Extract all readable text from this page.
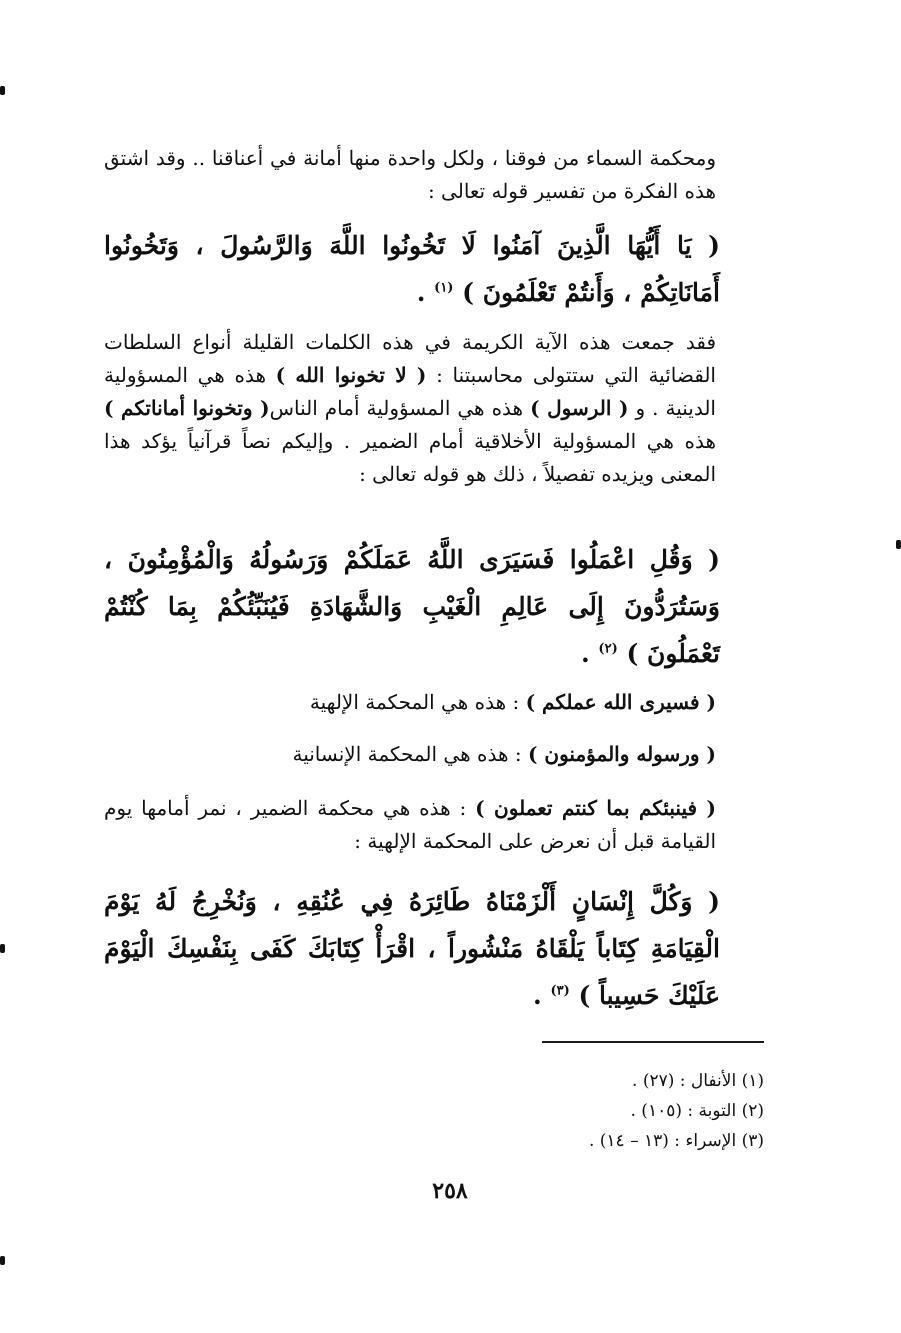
ومحكمة السماء من فوقنا ، ولكل واحدة منها أمانة في أعناقنا .. وقد اشتق هذه الفكرة من تفسير قوله تعالى :

( يَا أَيُّهَا الَّذِينَ آمَنُوا لَا تَخُونُوا اللَّهَ وَالرَّسُولَ ، وَتَخُونُوا أَمَانَاتِكُمْ ، وَأَنتُمْ تَعْلَمُونَ ) $^{(١)}$ .

فقد جمعت هذه الآية الكريمة في هذه الكلمات القليلة أنواع السلطات القضائية التي ستتولى محاسبتنا : ( لا تخونوا الله ) هذه هي المسؤولية الدينية . و ( الرسول ) هذه هي المسؤولية أمام الناس( وتخونوا أماناتكم ) هذه هي المسؤولية الأخلاقية أمام الضمير . وإليكم نصاً قرآنياً يؤكد هذا المعنى ويزيده تفصيلاً ، ذلك هو قوله تعالى :

( وَقُلِ اعْمَلُوا فَسَيَرَى اللَّهُ عَمَلَكُمْ وَرَسُولُهُ وَالْمُؤْمِنُونَ ، وَسَتُرَدُّونَ إِلَى عَالِمِ الْغَيْبِ وَالشَّهَادَةِ فَيُنَبِّئُكُمْ بِمَا كُنْتُمْ تَعْمَلُونَ ) $^{(٢)}$ .

( فسيرى الله عملكم ) : هذه هي المحكمة الإلهية

( ورسوله والمؤمنون ) : هذه هي المحكمة الإنسانية

( فينبئكم بما كنتم تعملون ) : هذه هي محكمة الضمير ، نمر أمامها يوم القيامة قبل أن نعرض على المحكمة الإلهية :

( وَكُلَّ إِنْسَانٍ أَلْزَمْنَاهُ طَائِرَهُ فِي عُنُقِهِ ، وَنُخْرِجُ لَهُ يَوْمَ الْقِيَامَةِ كِتَاباً يَلْقَاهُ مَنْشُوراً ، اقْرَأْ كِتَابَكَ كَفَى بِنَفْسِكَ الْيَوْمَ عَلَيْكَ حَسِيباً ) $^{(٣)}$ .

(١) الأنفال : (٢٧) .
(٢) التوبة : (١٠٥) .
(٣) الإسراء : (١٣ – ١٤) .
٢٥٨
